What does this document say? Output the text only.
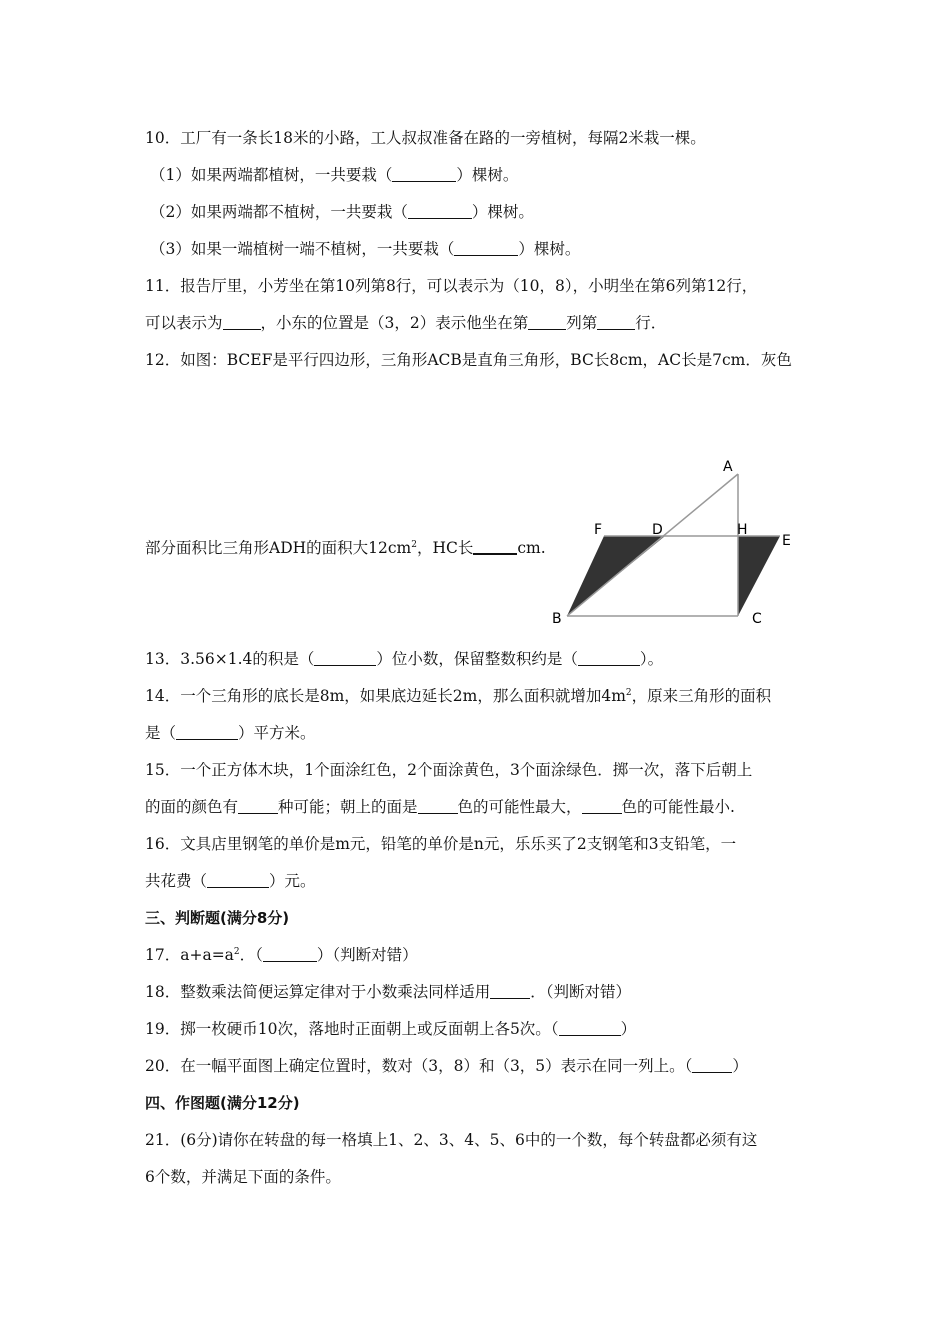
10．工厂有一条长18米的小路，工人叔叔准备在路的一旁植树，每隔2米栽一棵。
（1）如果两端都植树，一共要栽（	）棵树。
（2）如果两端都不植树，一共要栽（	）棵树。
（3）如果一端植树一端不植树，一共要栽（	）棵树。
11．报告厅里，小芳坐在第10列第8行，可以表示为（10，8），小明坐在第6列第12行，
可以表示为 ，小东的位置是（3，2）表示他坐在第 列第 行．
12．如图：BCEF是平行四边形，三角形ACB是直角三角形，BC长8cm，AC长是7cm．灰色
部分面积比三角形ADH的面积大$12cm^2$，HC长	cm.
A
F	D	H
E
B	C
13．3.56×1.4的积是（	）位小数，保留整数积约是（	）。
14．一个三角形的底长是8m，如果底边延长2m，那么面积就增加$4m^2$，原来三角形的面积
是（	）平方米。
15．一个正方体木块，1个面涂红色，2个面涂黄色，3个面涂绿色．掷一次，落下后朝上
的面的颜色有	种可能；朝上的面是	色的可能性最大，	色的可能性最小.
16．文具店里钢笔的单价是m元，铅笔的单价是n元，乐乐买了2支钢笔和3支铅笔，一
共花费（	）元。
三、判断题(满分8分)
17．$a+a=a^2$．（	）（判断对错）
18．整数乘法简便运算定律对于小数乘法同样适用	．（判断对错）
19．掷一枚硬币10次，落地时正面朝上或反面朝上各5次。（	）
20．在一幅平面图上确定位置时，数对（3，8）和（3，5）表示在同一列上。（	）
四、作图题(满分12分)
21．(6分)请你在转盘的每一格填上1、2、3、4、5、6中的一个数，每个转盘都必须有这
6个数，并满足下面的条件。
